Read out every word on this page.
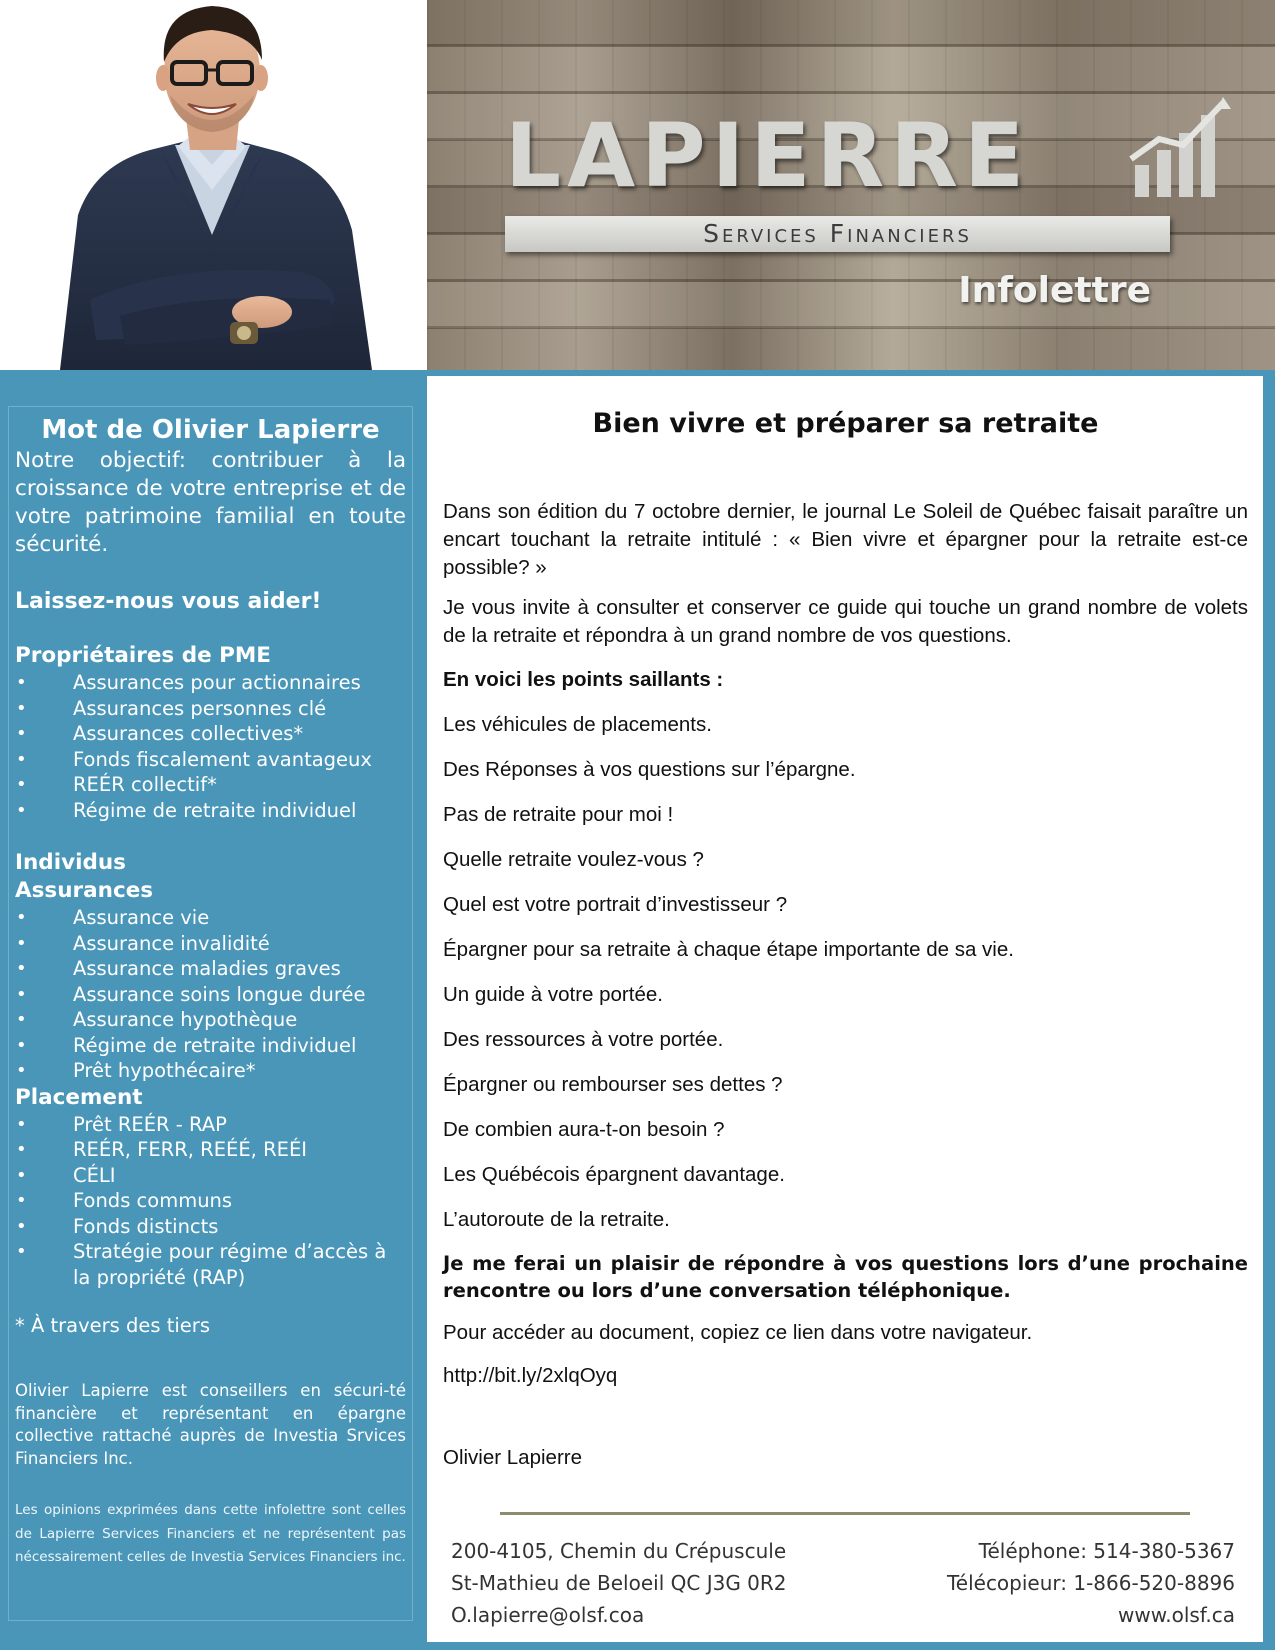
LAPIERRE
Services Financiers
Infolettre
Mot de Olivier Lapierre
Notre objectif: contribuer à la croissance de votre entreprise et de votre patrimoine familial en toute sécurité.
Laissez-nous vous aider!
Propriétaires de PME
• Assurances pour actionnaires
• Assurances personnes clé
• Assurances collectives*
• Fonds fiscalement avantageux
• REÉR collectif*
• Régime de retraite individuel
Individus
Assurances
• Assurance vie
• Assurance invalidité
• Assurance maladies graves
• Assurance soins longue durée
• Assurance hypothèque
• Régime de retraite individuel
• Prêt hypothécaire*
Placement
• Prêt REÉR - RAP
• REÉR, FERR, REÉÉ, REÉI
• CÉLI
• Fonds communs
• Fonds distincts
• Stratégie pour régime d’accès à la propriété (RAP)
* À travers des tiers
Olivier Lapierre est conseillers en sécuri-té financière et représentant en épargne collective rattaché auprès de Investia Srvices Financiers Inc.
Les opinions exprimées dans cette infolettre sont celles de Lapierre Services Financiers et ne représentent pas nécessairement celles de Investia Services Financiers inc.
Bien vivre et préparer sa retraite

Dans son édition du 7 octobre dernier, le journal Le Soleil de Québec faisait paraître un encart touchant la retraite intitulé : « Bien vivre et épargner pour la retraite est-ce possible? »

Je vous invite à consulter et conserver ce guide qui touche un grand nombre de volets de la retraite et répondra à un grand nombre de vos questions.

En voici les points saillants :

Les véhicules de placements.

Des Réponses à vos questions sur l’épargne.

Pas de retraite pour moi !

Quelle retraite voulez-vous ?

Quel est votre portrait d’investisseur ?

Épargner pour sa retraite à chaque étape importante de sa vie.

Un guide à votre portée.

Des ressources à votre portée.

Épargner ou rembourser ses dettes ?

De combien aura-t-on besoin ?

Les Québécois épargnent davantage.

L’autoroute de la retraite.

Je me ferai un plaisir de répondre à vos questions lors d’une prochaine rencontre ou lors d’une conversation téléphonique.

Pour accéder au document, copiez ce lien dans votre navigateur.

http://bit.ly/2xlqOyq

Olivier Lapierre

200-4105, Chemin du Crépuscule
St-Mathieu de Beloeil QC J3G 0R2
O.lapierre@olsf.coa
Téléphone: 514-380-5367
Télécopieur: 1-866-520-8896
www.olsf.ca
